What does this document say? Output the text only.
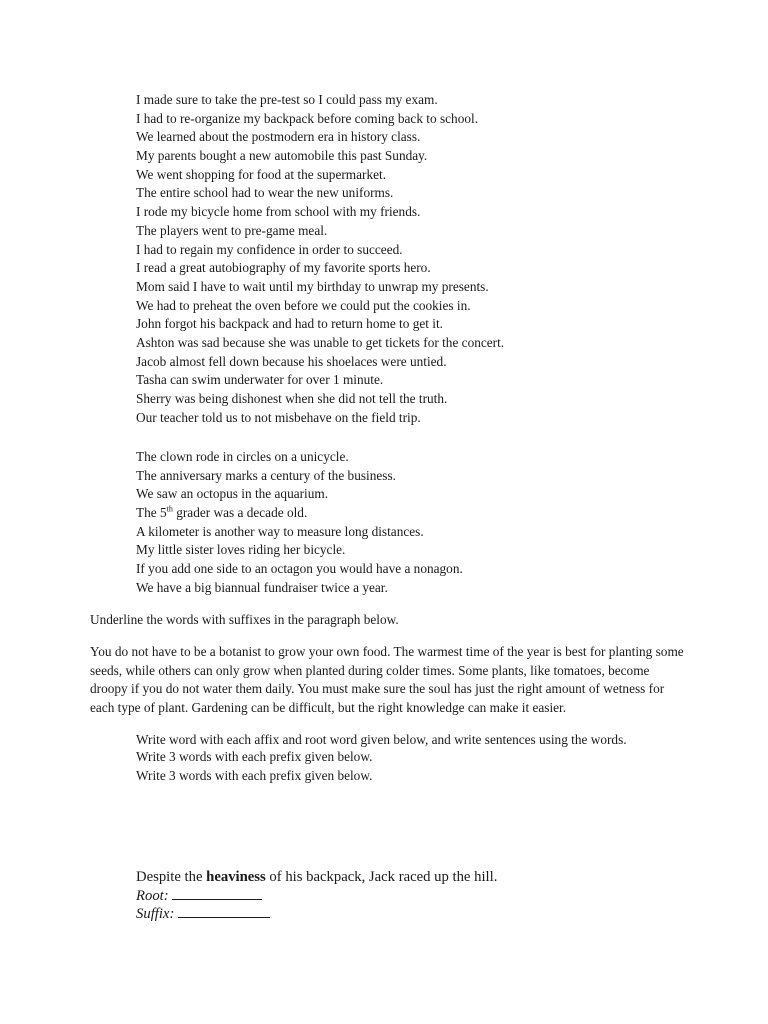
I made sure to take the pre-test so I could pass my exam.
I had to re-organize my backpack before coming back to school.
We learned about the postmodern era in history class.
My parents bought a new automobile this past Sunday.
We went shopping for food at the supermarket.
The entire school had to wear the new uniforms.
I rode my bicycle home from school with my friends.
The players went to pre-game meal.
I had to regain my confidence in order to succeed.
I read a great autobiography of my favorite sports hero.
Mom said I have to wait until my birthday to unwrap my presents.
We had to preheat the oven before we could put the cookies in.
John forgot his backpack and had to return home to get it.
Ashton was sad because she was unable to get tickets for the concert.
Jacob almost fell down because his shoelaces were untied.
Tasha can swim underwater for over 1 minute.
Sherry was being dishonest when she did not tell the truth.
Our teacher told us to not misbehave on the field trip.
The clown rode in circles on a unicycle.
The anniversary marks a century of the business.
We saw an octopus in the aquarium.
The 5th grader was a decade old.
A kilometer is another way to measure long distances.
My little sister loves riding her bicycle.
If you add one side to an octagon you would have a nonagon.
We have a big biannual fundraiser twice a year.

Underline the words with suffixes in the paragraph below.

You do not have to be a botanist to grow your own food. The warmest time of the year is best for planting some seeds, while others can only grow when planted during colder times. Some plants, like tomatoes, become droopy if you do not water them daily. You must make sure the soul has just the right amount of wetness for each type of plant. Gardening can be difficult, but the right knowledge can make it easier.

Write word with each affix and root word given below, and write sentences using the words.
Write 3 words with each prefix given below.
Write 3 words with each prefix given below.
Despite the heaviness of his backpack, Jack raced up the hill.
Root:
Suffix:
